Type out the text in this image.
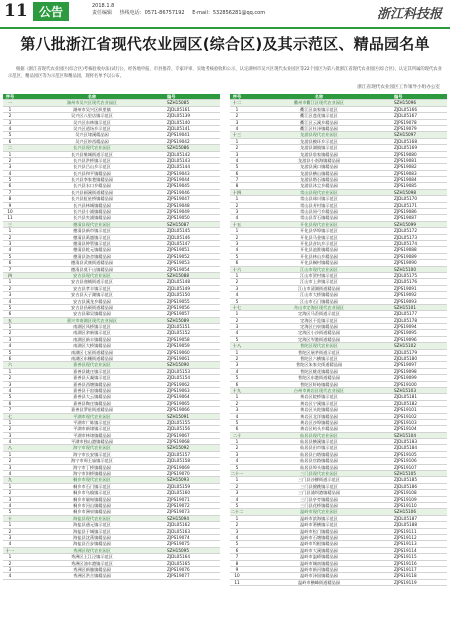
11 公告	2018.1.8
责任编辑 热线电话：0571-86757192 E-mail：532856281@qq.com	浙江科技报
第八批浙江省现代农业园区(综合区)及其示范区、精品园名单
根据《浙江省现代农业园区(综合区)考核验收办法(试行)》，经各地申报、市县推荐、专家评审、实地考核验收和公示，认定湖州市吴兴区现代农业园区等22个园区为第八批浙江省现代农业园区(综合区)，认定其所属的现代农业示范区、精品园区等为示范区和精品园，现将名单予以公布。
浙江省现代农业园区工作领导小组办公室
序号	名称	编号
一	湖州市吴兴区现代农业园区	SZH15085
1	湖州市吴兴区织里镇	ZJDL05161
2	吴兴区八里店镇示范区	ZJDL05139
3	吴兴区东林镇示范区	ZJDL05140
4	吴兴区道场乡示范区	ZJDL05141
5	吴兴区埭溪精品园	ZJPS19041
6	吴兴区妙西精品园	ZJPS19042
二	长兴县现代农业园区	SZH15086
1	长兴县雉城街道示范区	ZJDL05142
2	长兴县洪桥镇示范区	ZJDL05143
3	长兴县吕山乡示范区	ZJDL05144
4	长兴县和平镇精品园	ZJPS19043
5	长兴县李家巷镇精品园	ZJPS19044
6	长兴县水口乡精品园	ZJPS19045
7	长兴县画溪街道精品园	ZJPS19046
8	长兴县虹星桥镇精品园	ZJPS19047
9	长兴县林城镇精品园	ZJPS19048
10	长兴县小浦镇精品园	ZJPS19049
11	长兴县夹浦镇精品园	ZJPS19050
三	德清县现代农业园区	SZH15087
1	德清县新市镇示范区	ZJDL05145
2	德清县禹越镇示范区	ZJDL05146
3	德清县钟管镇示范区	ZJDL05147
4	德清县乾元镇精品园	ZJPS19051
5	德清县洛舍镇精品园	ZJPS19052
6	德清县武康街道精品园	ZJPS19053
7	德清县莫干山镇精品园	ZJPS19054
四	安吉县现代农业园区	SZH15088
1	安吉县递铺街道示范区	ZJDL05148
2	安吉县孝丰镇示范区	ZJDL05149
3	安吉县天子湖镇示范区	ZJDL05150
4	安吉县溪龙乡精品园	ZJPS19055
5	安吉县昌硕街道精品园	ZJPS19056
6	安吉县鄣吴镇精品园	ZJPS19057
五	嘉兴市南湖区现代农业园区	SZH15089
1	南湖区凤桥镇示范区	ZJDL05151
2	南湖区余新镇示范区	ZJDL05152
3	南湖区新丰镇精品园	ZJPS19058
4	南湖区大桥镇精品园	ZJPS19059
5	南湖区七星街道精品园	ZJPS19060
6	南湖区东栅街道精品园	ZJPS19061
六	嘉善县现代农业园区	SZH15090
1	嘉善县姚庄镇示范区	ZJDL05153
2	嘉善县天凝镇示范区	ZJDL05154
3	嘉善县西塘镇精品园	ZJPS19062
4	嘉善县干窑镇精品园	ZJPS19063
5	嘉善县大云镇精品园	ZJPS19064
6	嘉善县陶庄镇精品园	ZJPS19065
7	嘉善县罗星街道精品园	ZJPS19066
七	平湖市现代农业园区	SZH15091
1	平湖市广陈镇示范区	ZJDL05155
2	平湖市新埭镇示范区	ZJDL05156
3	平湖市林埭镇精品园	ZJPS19067
4	平湖市独山港镇精品园	ZJPS19068
八	海宁市现代农业园区	SZH15092
1	海宁市长安镇示范区	ZJDL05157
2	海宁市周王庙镇示范区	ZJDL05158
3	海宁市丁桥镇精品园	ZJPS19069
4	海宁市斜桥镇精品园	ZJPS19070
九	桐乡市现代农业园区	SZH15093
1	桐乡市石门镇示范区	ZJDL05159
2	桐乡市乌镇镇示范区	ZJDL05160
3	桐乡市屠甸镇精品园	ZJPS19071
4	桐乡市河山镇精品园	ZJPS19072
5	桐乡市洲泉镇精品园	ZJPS19073
十	海盐县现代农业园区	SZH15094
1	海盐县通元镇示范区	ZJDL05162
2	海盐县于城镇示范区	ZJDL05163
3	海盐县沈荡镇精品园	ZJPS19074
4	海盐县百步镇精品园	ZJPS19075
十一	秀洲区现代农业园区	SZH15095
1	秀洲区王江泾镇示范区	ZJDL05164
2	秀洲区油车港镇示范区	ZJDL05165
3	秀洲区新塍镇精品园	ZJPS19076
4	秀洲区洪合镇精品园	ZJPS19077
序号	名称	编号
十二	衢州市衢江区现代农业园区	SZH15096
1	衢江区高家镇示范区	ZJDL05166
2	衢江区莲花镇示范区	ZJDL05167
3	衢江区云溪乡精品园	ZJPS19078
4	衢江区杜泽镇精品园	ZJPS19079
十三	龙游县现代农业园区	SZH15097
1	龙游县模环乡示范区	ZJDL05168
2	龙游县湖镇镇示范区	ZJDL05169
3	龙游县詹家镇精品园	ZJPS19080
4	龙游县小南海镇精品园	ZJPS19081
5	龙游县溪口镇精品园	ZJPS19082
6	龙游县横山镇精品园	ZJPS19083
7	龙游县塔石镇精品园	ZJPS19084
8	龙游县沐尘乡精品园	ZJPS19085
十四	常山县现代农业园区	SZH15098
1	常山县球川镇示范区	ZJDL05170
2	常山县芳村镇示范区	ZJDL05171
3	常山县同弓乡精品园	ZJPS19086
4	常山县青石镇精品园	ZJPS19087
十五	开化县现代农业园区	SZH15099
1	开化县华埠镇示范区	ZJDL05172
2	开化县马金镇示范区	ZJDL05173
3	开化县音坑乡示范区	ZJDL05174
4	开化县池淮镇精品园	ZJPS19088
5	开化县林山乡精品园	ZJPS19089
6	开化县桐村镇精品园	ZJPS19090
十六	江山市现代农业园区	SZH15100
1	江山市贺村镇示范区	ZJDL05175
2	江山市上余镇示范区	ZJDL05176
3	江山市清湖街道精品园	ZJPS19091
4	江山市大桥镇精品园	ZJPS19092
5	江山市石门镇精品园	ZJPS19093
十七	舟山市定海区现代农业园区	SZH15101
1	定海区马岙街道示范区	ZJDL05177
2	定海区干览镇示范区	ZJDL05178
3	定海区白泉镇精品园	ZJPS19094
4	定海区小沙街道精品园	ZJPS19095
5	定海区岑港街道精品园	ZJPS19096
十八	普陀区现代农业园区	SZH15102
1	普陀区展茅街道示范区	ZJDL05179
2	普陀区六横镇示范区	ZJDL05180
3	普陀区朱家尖街道精品园	ZJPS19097
4	普陀区桃花镇精品园	ZJPS19098
5	普陀区东港街道精品园	ZJPS19099
6	普陀区虾峙镇精品园	ZJPS19100
十九	台州市黄岩区现代农业园区	SZH15103
1	黄岩区院桥镇示范区	ZJDL05181
2	黄岩区宁溪镇示范区	ZJDL05182
3	黄岩区头陀镇精品园	ZJPS19101
4	黄岩区北洋镇精品园	ZJPS19102
5	黄岩区沙埠镇精品园	ZJPS19103
6	黄岩区屿头乡精品园	ZJPS19104
二十	仙居县现代农业园区	SZH15104
1	仙居县横溪镇示范区	ZJDL05183
2	仙居县田市镇示范区	ZJDL05184
3	仙居县白塔镇精品园	ZJPS19105
4	仙居县官路镇精品园	ZJPS19106
5	仙居县埠头镇精品园	ZJPS19107
二十一	三门县现代农业园区	SZH15105
1	三门县沙柳街道示范区	ZJDL05185
2	三门县健跳镇示范区	ZJDL05186
3	三门县浦坝港镇精品园	ZJPS19108
4	三门县亭旁镇精品园	ZJPS19109
5	三门县花桥镇精品园	ZJPS19110
二十二	温岭市现代农业园区	SZH15106
1	温岭市滨海镇示范区	ZJDL05187
2	温岭市箬横镇示范区	ZJDL05188
3	温岭市松门镇精品园	ZJPS19111
4	温岭市石塘镇精品园	ZJPS19112
5	温岭市坞根镇精品园	ZJPS19113
6	温岭市大溪镇精品园	ZJPS19114
7	温岭市温峤镇精品园	ZJPS19115
8	温岭市城南镇精品园	ZJPS19116
9	温岭市新河镇精品园	ZJPS19117
10	温岭市泽国镇精品园	ZJPS19118
11	温岭市横峰街道精品园	ZJPS19119
